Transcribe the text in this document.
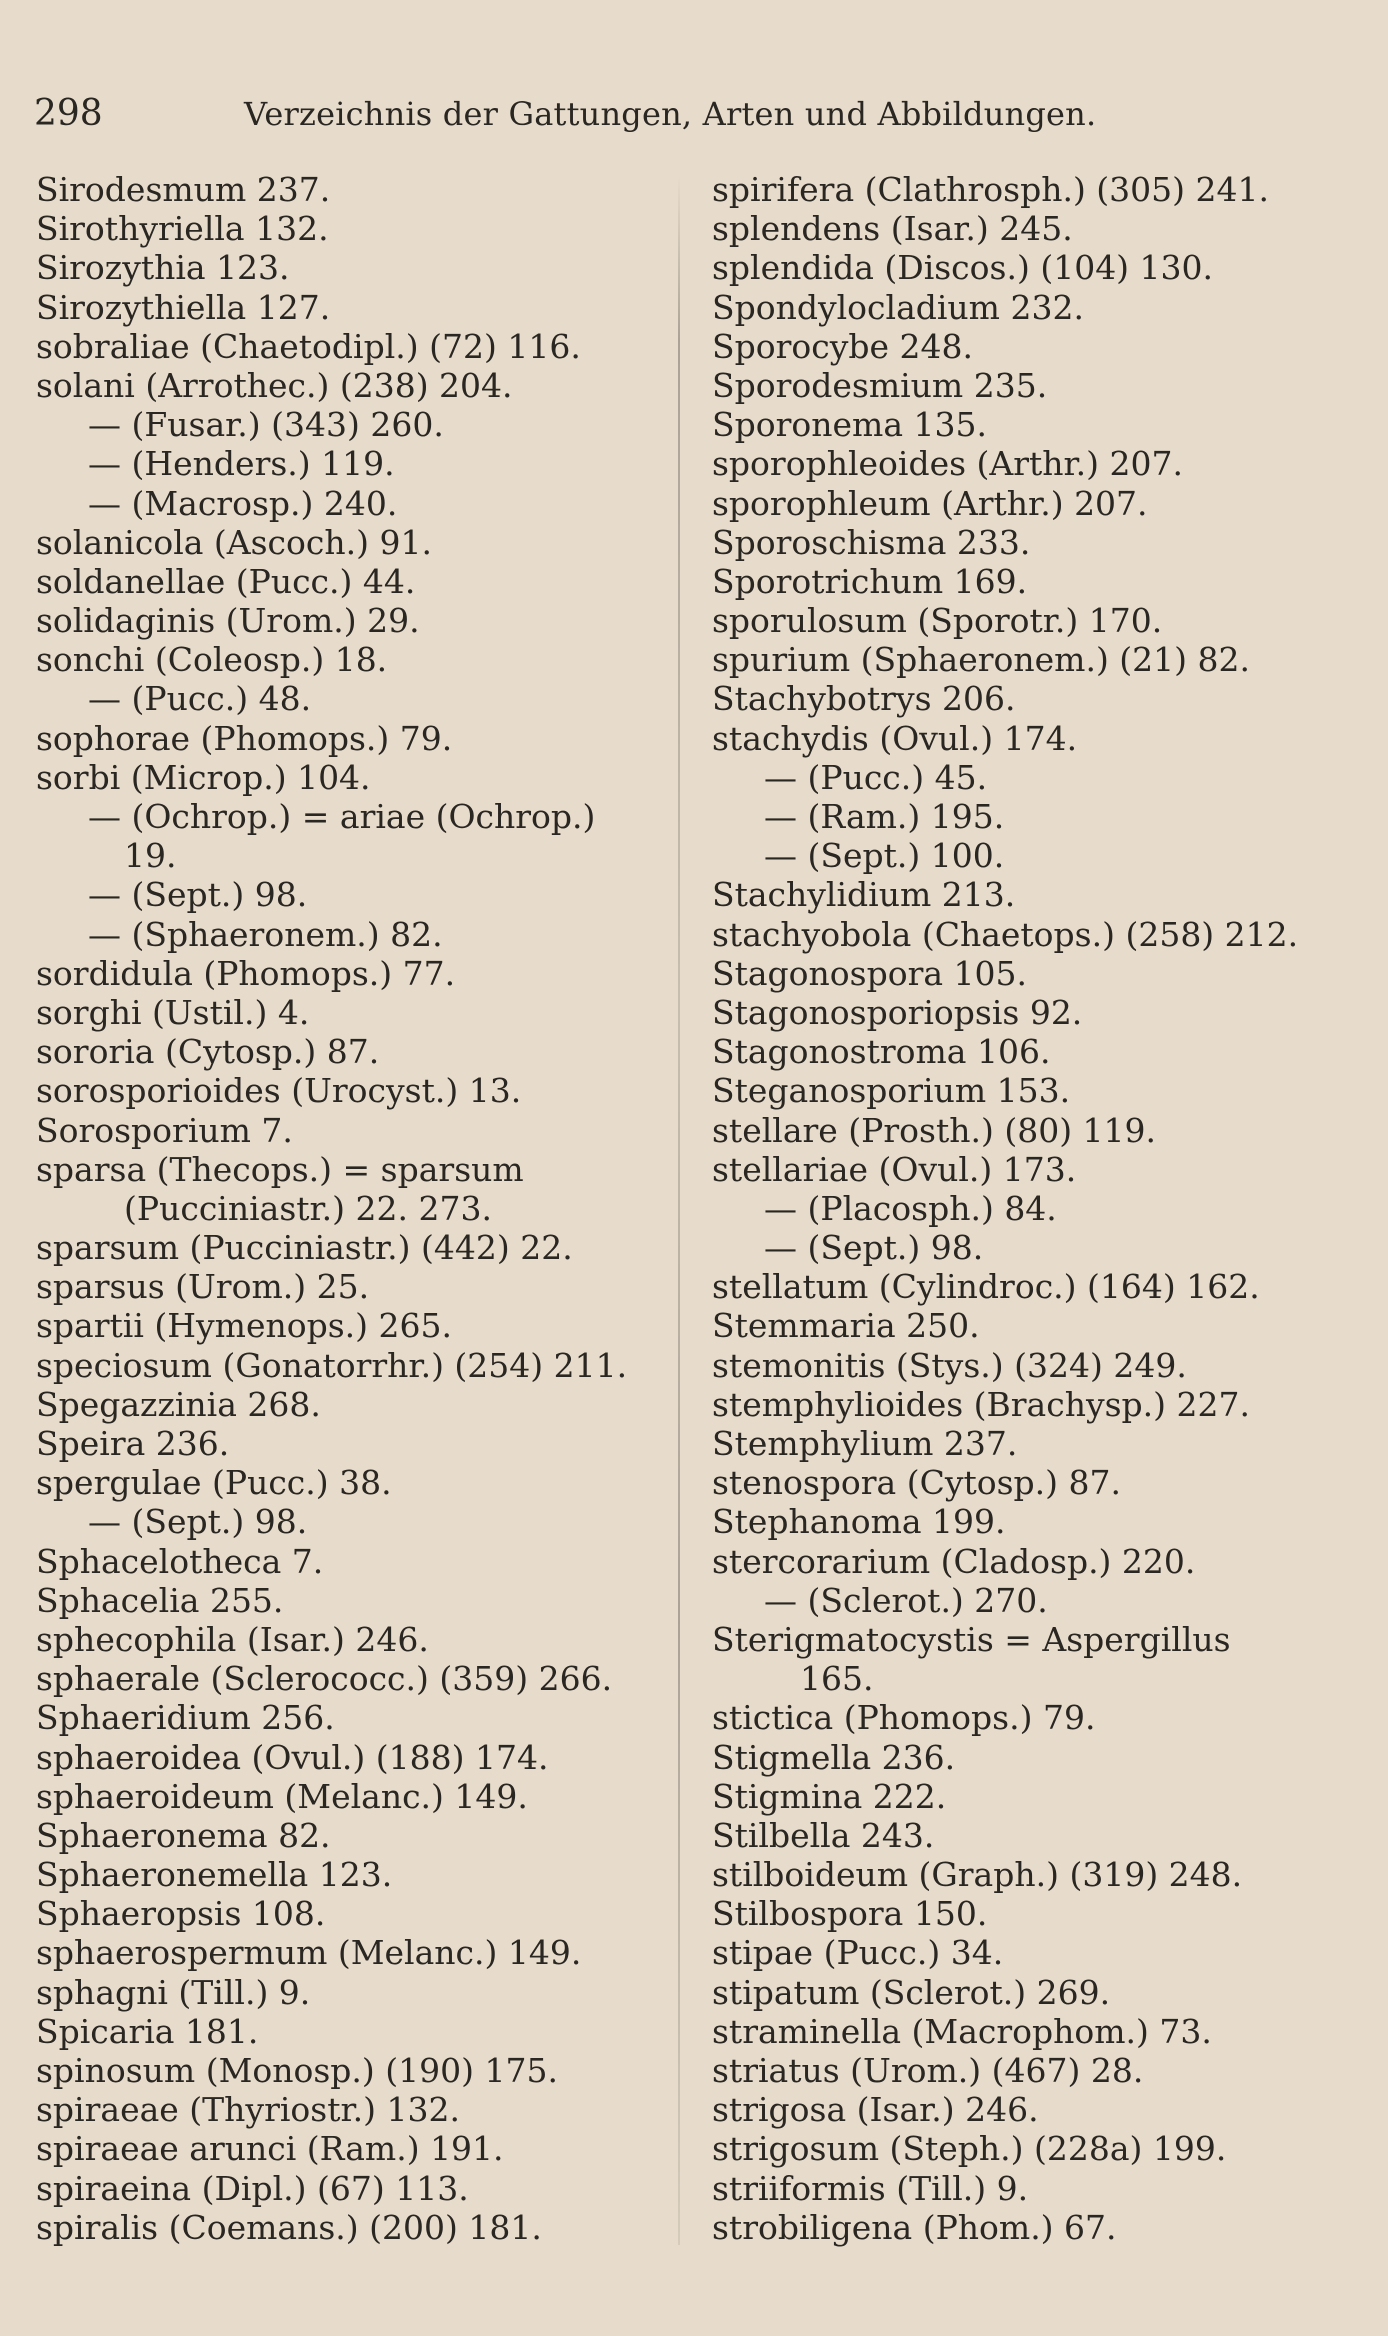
298	Verzeichnis der Gattungen, Arten und Abbildungen.
Sirodesmum 237.
Sirothyriella 132.
Sirozythia 123.
Sirozythiella 127.
sobraliae (Chaetodipl.) (72) 116.
solani (Arrothec.) (238) 204.
— (Fusar.) (343) 260.
— (Henders.) 119.
— (Macrosp.) 240.
solanicola (Ascoch.) 91.
soldanellae (Pucc.) 44.
solidaginis (Urom.) 29.
sonchi (Coleosp.) 18.
— (Pucc.) 48.
sophorae (Phomops.) 79.
sorbi (Microp.) 104.
— (Ochrop.) = ariae (Ochrop.)
19.
— (Sept.) 98.
— (Sphaeronem.) 82.
sordidula (Phomops.) 77.
sorghi (Ustil.) 4.
sororia (Cytosp.) 87.
sorosporioides (Urocyst.) 13.
Sorosporium 7.
sparsa (Thecops.) = sparsum
(Pucciniastr.) 22. 273.
sparsum (Pucciniastr.) (442) 22.
sparsus (Urom.) 25.
spartii (Hymenops.) 265.
speciosum (Gonatorrhr.) (254) 211.
Spegazzinia 268.
Speira 236.
spergulae (Pucc.) 38.
— (Sept.) 98.
Sphacelotheca 7.
Sphacelia 255.
sphecophila (Isar.) 246.
sphaerale (Sclerococc.) (359) 266.
Sphaeridium 256.
sphaeroidea (Ovul.) (188) 174.
sphaeroideum (Melanc.) 149.
Sphaeronema 82.
Sphaeronemella 123.
Sphaeropsis 108.
sphaerospermum (Melanc.) 149.
sphagni (Till.) 9.
Spicaria 181.
spinosum (Monosp.) (190) 175.
spiraeae (Thyriostr.) 132.
spiraeae arunci (Ram.) 191.
spiraeina (Dipl.) (67) 113.
spiralis (Coemans.) (200) 181.
spirifera (Clathrosph.) (305) 241.
splendens (Isar.) 245.
splendida (Discos.) (104) 130.
Spondylocladium 232.
Sporocybe 248.
Sporodesmium 235.
Sporonema 135.
sporophleoides (Arthr.) 207.
sporophleum (Arthr.) 207.
Sporoschisma 233.
Sporotrichum 169.
sporulosum (Sporotr.) 170.
spurium (Sphaeronem.) (21) 82.
Stachybotrys 206.
stachydis (Ovul.) 174.
— (Pucc.) 45.
— (Ram.) 195.
— (Sept.) 100.
Stachylidium 213.
stachyobola (Chaetops.) (258) 212.
Stagonospora 105.
Stagonosporiopsis 92.
Stagonostroma 106.
Steganosporium 153.
stellare (Prosth.) (80) 119.
stellariae (Ovul.) 173.
— (Placosph.) 84.
— (Sept.) 98.
stellatum (Cylindroc.) (164) 162.
Stemmaria 250.
stemonitis (Stys.) (324) 249.
stemphylioides (Brachysp.) 227.
Stemphylium 237.
stenospora (Cytosp.) 87.
Stephanoma 199.
stercorarium (Cladosp.) 220.
— (Sclerot.) 270.
Sterigmatocystis = Aspergillus
165.
stictica (Phomops.) 79.
Stigmella 236.
Stigmina 222.
Stilbella 243.
stilboideum (Graph.) (319) 248.
Stilbospora 150.
stipae (Pucc.) 34.
stipatum (Sclerot.) 269.
straminella (Macrophom.) 73.
striatus (Urom.) (467) 28.
strigosa (Isar.) 246.
strigosum (Steph.) (228a) 199.
striiformis (Till.) 9.
strobiligena (Phom.) 67.
